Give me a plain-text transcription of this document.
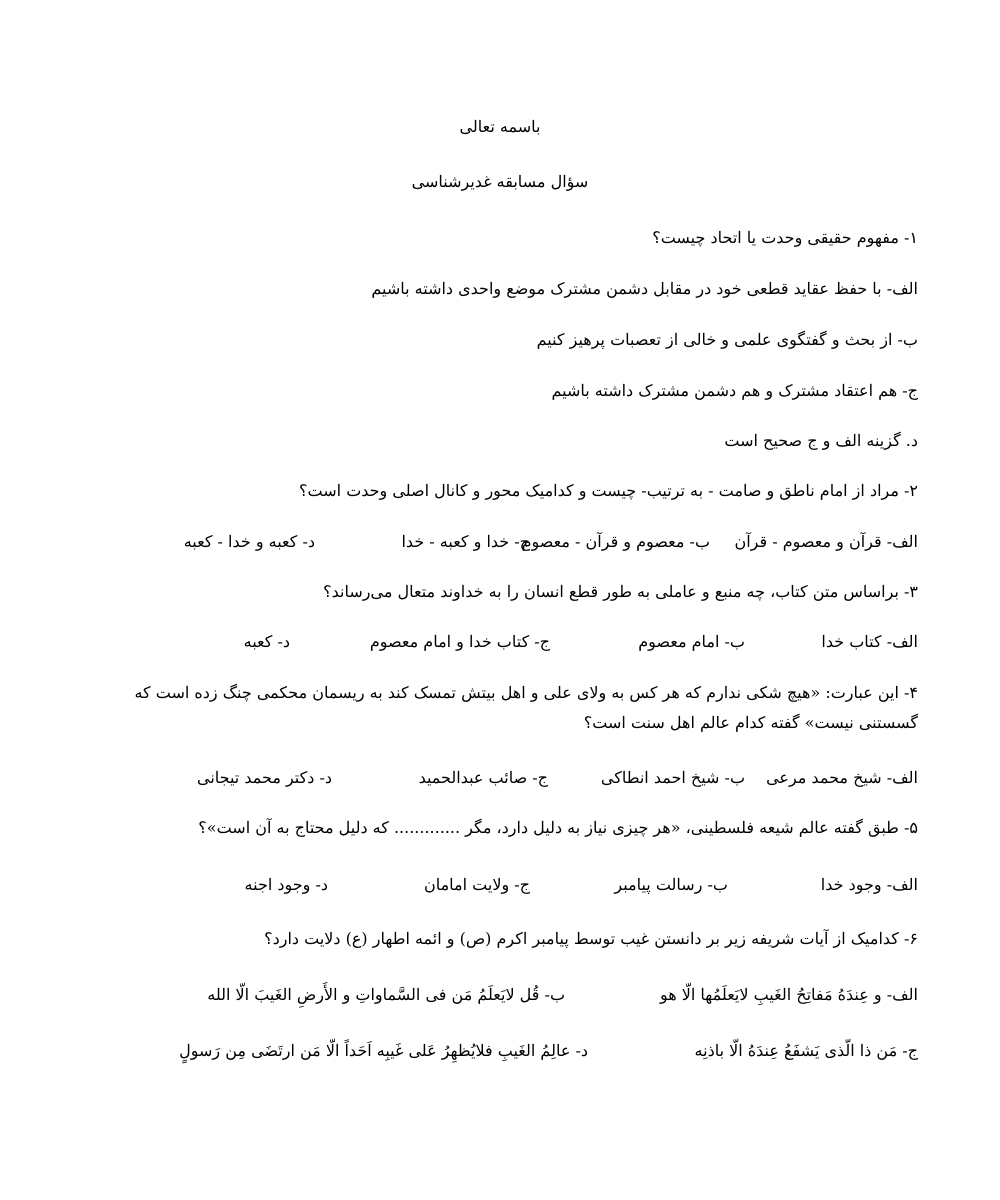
باسمه تعالی
سؤال مسابقه غدیرشناسی
۱- مفهوم حقیقی وحدت یا اتحاد چیست؟
الف- با حفظ عقاید قطعی خود در مقابل دشمن مشترک موضع واحدی داشته باشیم
ب- از بحث و گفتگوی علمی و خالی از تعصبات پرهیز کنیم
ج- هم اعتقاد مشترک و هم دشمن مشترک داشته باشیم
د. گزینه الف و ج صحیح است
۲- مراد از امام ناطق و صامت - به ترتیب- چیست و کدامیک محور و کانال اصلی وحدت است؟
الف- قرآن و معصوم - قرآن
ب- معصوم و قرآن - معصوم
ج- خدا و کعبه - خدا
د- کعبه و خدا - کعبه
۳- براساس متن کتاب، چه منبع و عاملی به طور قطع انسان را به خداوند متعال می‌رساند؟
الف- کتاب خدا
ب- امام معصوم
ج- کتاب خدا و امام معصوم
د- کعبه
۴- این عبارت: «هیچ شکی ندارم که هر کس به ولای علی و اهل بیتش تمسک کند به ریسمان محکمی چنگ زده است که گسستنی نیست» گفته کدام عالم اهل سنت است؟
الف- شیخ محمد مرعی
ب- شیخ احمد انطاکی
ج- صائب عبدالحمید
د- دکتر محمد تیجانی
۵- طبق گفته عالم شیعه فلسطینی، «هر چیزی نیاز به دلیل دارد، مگر ............. که دلیل محتاج به آن است»؟
الف- وجود خدا
ب- رسالت پیامبر
ج- ولایت امامان
د- وجود اجنه
۶- کدامیک از آیات شریفه زیر بر دانستن غیب توسط پیامبر اکرم (ص) و ائمه اطهار (ع) دلایت دارد؟
الف- و عِندَهُ مَفاتِحُ الغَیبِ لایَعلَمُها الّا هو
ب- قُل لایَعلَمُ مَن فی السَّماواتِ و الأَرضِ الغَیبَ الّا الله
ج- مَن ذا الّذی یَشفَعُ عِندَهُ الّا باذنِه
د- عالِمُ الغَیبِ فلایُظهِرُ عَلی غَیبِه اَحَداً الّا مَن ارتَضَی مِن رَسولٍ
